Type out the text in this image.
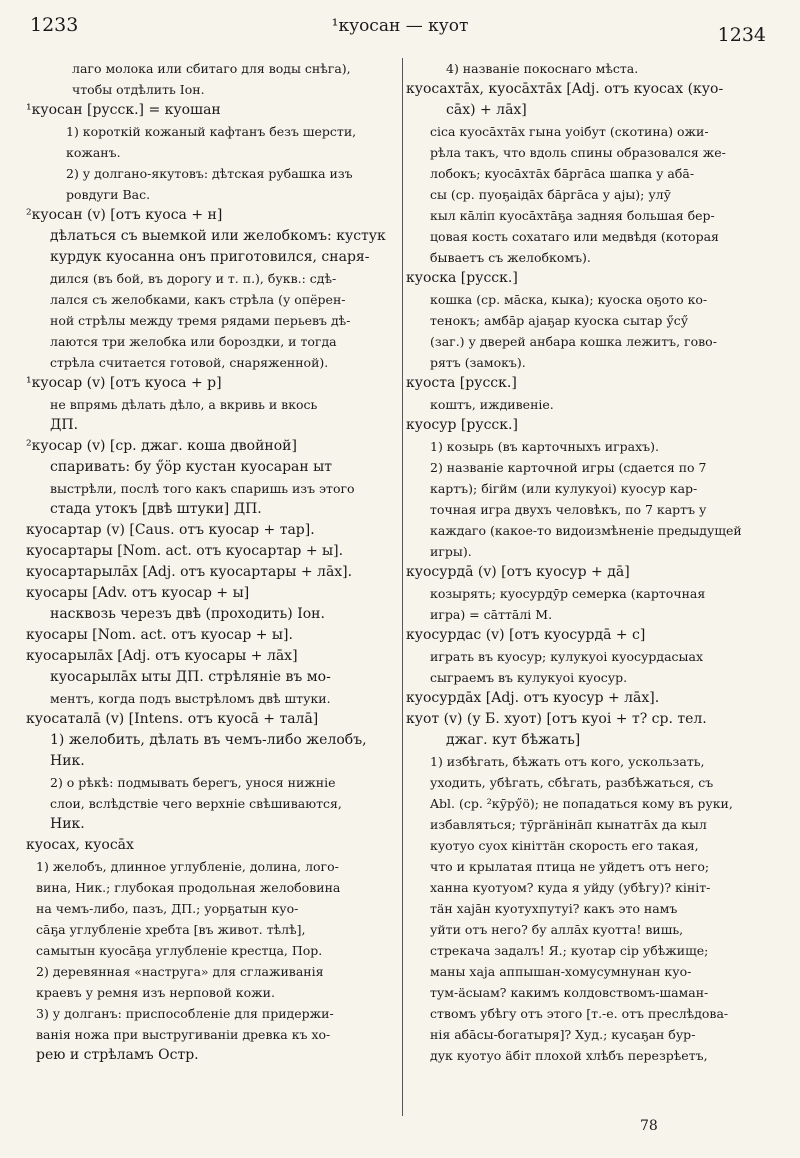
1233	¹куосан — куот	1234
лаго молока или сбитаго для воды снѣга),
чтобы отдѣлить Іон.
¹куосан [русск.] = куошан
1) короткій кожаный кафтанъ безъ шерсти,
кожанъ.
2) у долгано-якутовъ: дѣтская рубашка изъ
ровдуги Вас.
²куосан (v) [отъ куоса + н]
дѣлаться съ выемкой или желобкомъ: кустук
курдук куосанна онъ приготовился, снаря-
дился (въ бой, въ дорогу и т. п.), букв.: сдѣ-
лался съ желобками, какъ стрѣла (у опёрен-
ной стрѣлы между тремя рядами перьевъ дѣ-
лаются три желобка или бороздки, и тогда
стрѣла считается готовой, снаряженной).
¹куосар (v) [отъ куоса + р]
не впрямь дѣлать дѣло, а вкривь и вкось
ДП.
²куосар (v) [ср. джаг. коша двойной]
спаривать: бу ӳöр кустан куосаран ыт
выстрѣли, послѣ того какъ спаришь изъ этого
стада утокъ [двѣ штуки] ДП.
куосартар (v) [Caus. отъ куосар + тар].
куосартары [Nom. act. отъ куосартар + ы].
куосартарылāх [Adj. отъ куосартары + лāх].
куосары [Adv. отъ куосар + ы]
насквозь черезъ двѣ (проходить) Іон.
куосары [Nom. act. отъ куосар + ы].
куосарылāх [Adj. отъ куосары + лāх]
куосарылāх ыты ДП. стрѣляніе въ мо-
ментъ, когда подъ выстрѣломъ двѣ штуки.
куосаталā (v) [Intens. отъ куосā + талā]
1) желобить, дѣлать въ чемъ-либо желобъ,
Ник.
2) о рѣкѣ: подмывать берегъ, унося нижніе
слои, вслѣдствіе чего верхніе свѣшиваются,
Ник.
куосах, куосāх
1) желобъ, длинное углубленіе, долина, лого-
вина, Ник.; глубокая продольная желобовина
на чемъ-либо, пазъ, ДП.; уорҕатын куо-
сāҕа углубленіе хребта [въ живот. тѣлѣ],
самытын куосāҕа углубленіе крестца, Пор.
2) деревянная «наструга» для сглаживанія
краевъ у ремня изъ нерповой кожи.
3) у долганъ: приспособленіе для придержи-
ванія ножа при выстругиваніи древка къ хо-
рею и стрѣламъ Остр.
4) названіе покоснаго мѣста.
куосахтāх, куосāхтāх [Adj. отъ куосах (куо-
сāх) + лāх]
сіса куосāхтāх гына уоібут (скотина) ожи-
рѣла такъ, что вдоль спины образовался же-
лобокъ; куосāхтāх бāргāса шапка у абā-
сы (ср. пуоҕаідāх бāргāса у аjы); улӯ
кыл кāліп куосāхтāҕа задняя большая бер-
цовая кость сохатаго или медвѣдя (которая
бываетъ съ желобкомъ).
куоска [русск.]
кошка (ср. мāска, кыка); куоска оҕото ко-
тенокъ; амбāр аjаҕар куоска сытар ӳсӳ
(заг.) у дверей анбара кошка лежитъ, гово-
рятъ (замокъ).
куоста [русск.]
коштъ, иждивеніе.
куосур [русск.]
1) козырь (въ карточныхъ играхъ).
2) названіе карточной игры (сдается по 7
картъ); бігйм (или кулукуоі) куосур кар-
точная игра двухъ человѣкъ, по 7 картъ у
каждаго (какое-то видоизмѣненіе предыдущей
игры).
куосурдā (v) [отъ куосур + дā]
козырять; куосурдӯр семерка (карточная
игра) = сāттāлі М.
куосурдас (v) [отъ куосурдā + с]
играть въ куосур; кулукуоі куосурдасыах
сыграемъ въ кулукуоі куосур.
куосурдāх [Adj. отъ куосур + лāх].
куот (v) (у Б. хуот) [отъ куоі + т? ср. тел.
джаг. кут бѣжать]
1) избѣгать, бѣжать отъ кого, ускользать,
уходить, убѣгать, сбѣгать, разбѣжаться, съ
Abl. (ср. ²кӯрӳö); не попадаться кому въ руки,
избавляться; тӯргäнінāп кынатгāх да кыл
куотуо суох кініттäн скорость его такая,
что и крылатая птица не уйдетъ отъ него;
ханна куотуом? куда я уйду (убѣгу)? кініт-
тäн хаjāн куотухпутуі? какъ это намъ
уйти отъ него? бу аллāх куотта! вишь,
стрекача задалъ! Я.; куотар сір убѣжище;
маны хаjа аппышан-хомусумнунан куо-
тум-äсыам? какимъ колдовствомъ-шаман-
ствомъ убѣгу отъ этого [т.-е. отъ преслѣдова-
нія абāсы-богатыря]? Худ.; кусаҕан бур-
дук куотуо äбіт плохой хлѣбъ перезрѣетъ,
78
